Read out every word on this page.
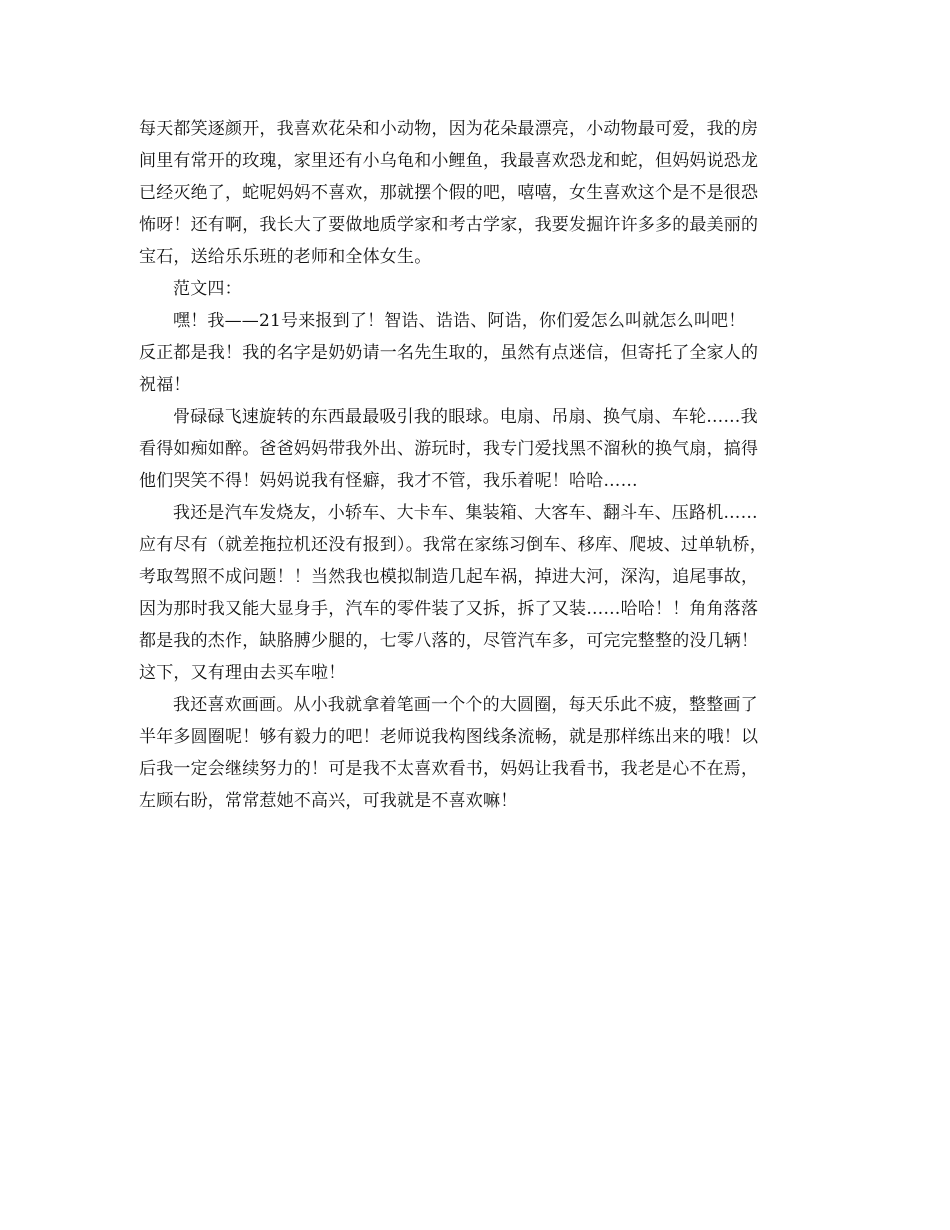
每天都笑逐颜开，我喜欢花朵和小动物，因为花朵最漂亮，小动物最可爱，我的房
间里有常开的玫瑰，家里还有小乌龟和小鲤鱼，我最喜欢恐龙和蛇，但妈妈说恐龙
已经灭绝了，蛇呢妈妈不喜欢，那就摆个假的吧，嘻嘻，女生喜欢这个是不是很恐
怖呀！还有啊，我长大了要做地质学家和考古学家，我要发掘许许多多的最美丽的
宝石，送给乐乐班的老师和全体女生。
范文四：
嘿！我——21号来报到了！智诰、诰诰、阿诰，你们爱怎么叫就怎么叫吧！
反正都是我！我的名字是奶奶请一名先生取的，虽然有点迷信，但寄托了全家人的
祝福！
骨碌碌飞速旋转的东西最最吸引我的眼球。电扇、吊扇、换气扇、车轮……我
看得如痴如醉。爸爸妈妈带我外出、游玩时，我专门爱找黑不溜秋的换气扇，搞得
他们哭笑不得！妈妈说我有怪癖，我才不管，我乐着呢！哈哈……
我还是汽车发烧友，小轿车、大卡车、集装箱、大客车、翻斗车、压路机……
应有尽有（就差拖拉机还没有报到）。我常在家练习倒车、移库、爬坡、过单轨桥，
考取驾照不成问题！！当然我也模拟制造几起车祸，掉进大河，深沟，追尾事故，
因为那时我又能大显身手，汽车的零件装了又拆，拆了又装……哈哈！！角角落落
都是我的杰作，缺胳膊少腿的，七零八落的，尽管汽车多，可完完整整的没几辆！
这下，又有理由去买车啦！
我还喜欢画画。从小我就拿着笔画一个个的大圆圈，每天乐此不疲，整整画了
半年多圆圈呢！够有毅力的吧！老师说我构图线条流畅，就是那样练出来的哦！以
后我一定会继续努力的！可是我不太喜欢看书，妈妈让我看书，我老是心不在焉，
左顾右盼，常常惹她不高兴，可我就是不喜欢嘛！
